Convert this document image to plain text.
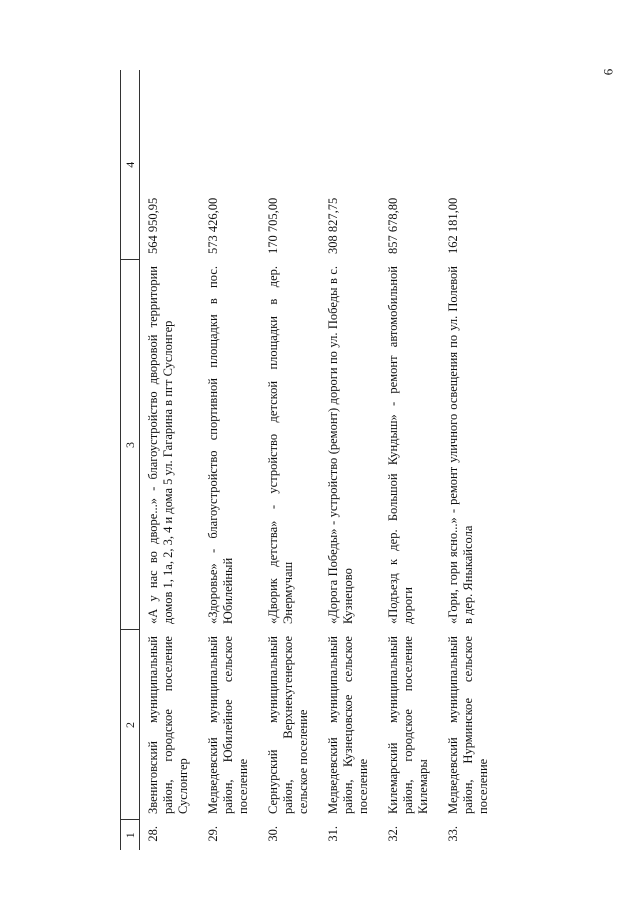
6
1	2	3	4
28.	Звениговский муниципальный район, городское поселение Суслонгер	«А у нас во дворе...» - благоустройство дворовой территории домов 1, 1а, 2, 3, 4 и дома 5 ул. Гагарина в пгт Суслонгер	564 950,95
29.	Медведевский муниципальный район, Юбилейное сельское поселение	«Здоровье» - благоустройство спортивной площадки в пос. Юбилейный	573 426,00
30.	Сернурский муниципальный район, Верхнекугенерское сельское поселение	«Дворик детства» - устройство детской площадки в дер. Энермучаш	170 705,00
31.	Медведевский муниципальный район, Кузнецовское сельское поселение	«Дорога Победы» - устройство (ремонт) дороги по ул. Победы в с. Кузнецово	308 827,75
32.	Килемарский муниципальный район, городское поселение Килемары	«Подъезд к дер. Большой Кундыш» - ремонт автомобильной дороги	857 678,80
33.	Медведевский муниципальный район, Нурминское сельское поселение	«Гори, гори ясно...» - ремонт уличного освещения по ул. Полевой в дер. Яныкайсола	162 181,00
